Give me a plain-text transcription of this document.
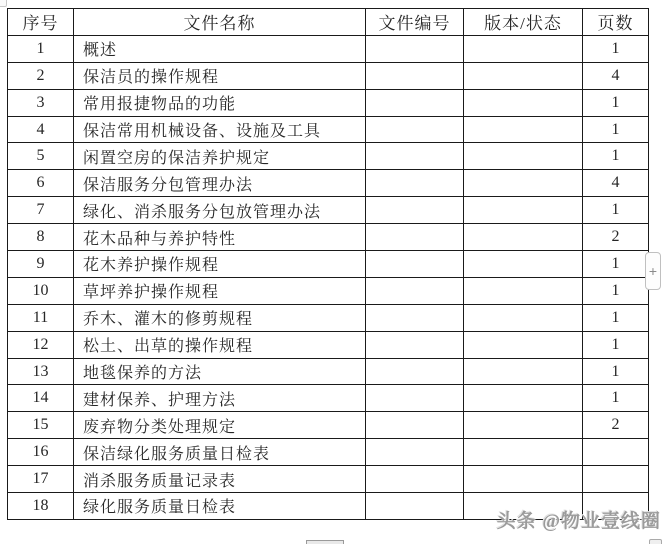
序号	文件名称	文件编号	版本/状态	页数
1	概述			1
2	保洁员的操作规程			4
3	常用报捷物品的功能			1
4	保洁常用机械设备、设施及工具			1
5	闲置空房的保洁养护规定			1
6	保洁服务分包管理办法			4
7	绿化、消杀服务分包放管理办法			1
8	花木品种与养护特性			2
9	花木养护操作规程			1
10	草坪养护操作规程			1
11	乔木、灌木的修剪规程			1
12	松土、出草的操作规程			1
13	地毯保养的方法			1
14	建材保养、护理方法			1
15	废弃物分类处理规定			2
16	保洁绿化服务质量日检表			
17	消杀服务质量记录表			
18	绿化服务质量日检表			
+
头条 @物业壹线圈
